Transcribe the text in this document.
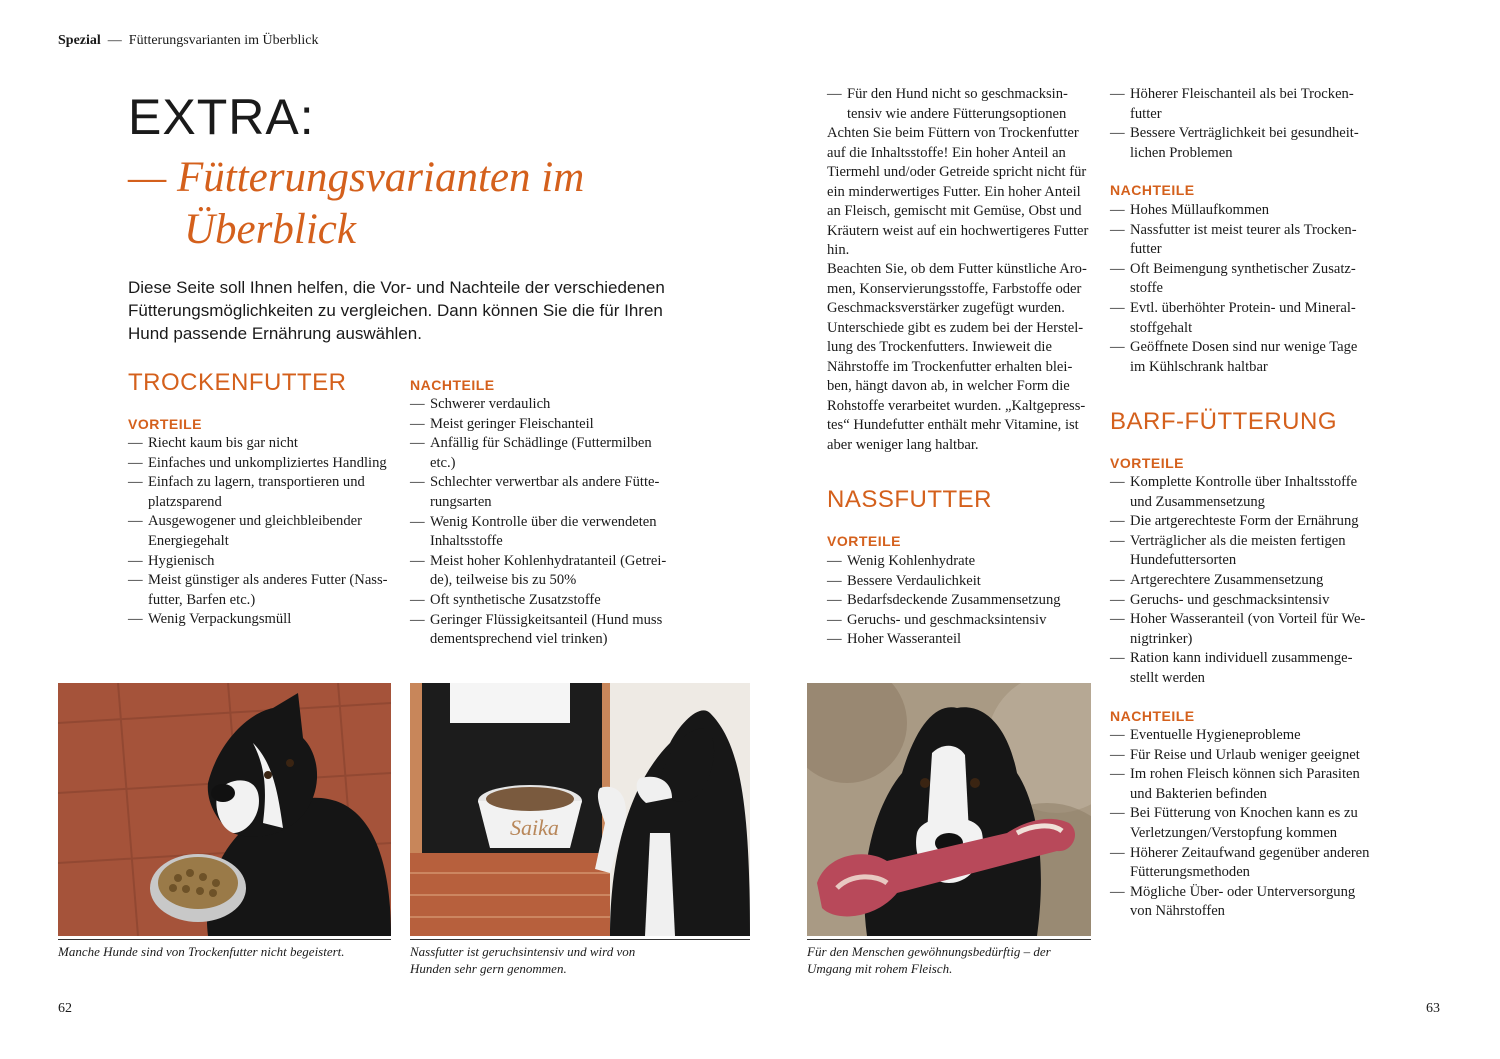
Spezial — Fütterungsvarianten im Überblick
EXTRA:
— Fütterungsvarianten im
Überblick
Diese Seite soll Ihnen helfen, die Vor- und Nachteile der verschiedenen Fütterungsmöglichkeiten zu vergleichen. Dann können Sie die für Ihren Hund passende Ernährung auswählen.
TROCKENFUTTER
VORTEILE
— Riecht kaum bis gar nicht
— Einfaches und unkompliziertes Handling
— Einfach zu lagern, transportieren und platzsparend
— Ausgewogener und gleichbleibender Energiegehalt
— Hygienisch
— Meist günstiger als anderes Futter (Nassfutter, Barfen etc.)
— Wenig Verpackungsmüll
NACHTEILE
— Schwerer verdaulich
— Meist geringer Fleischanteil
— Anfällig für Schädlinge (Futtermilben etc.)
— Schlechter verwertbar als andere Fütterungsarten
— Wenig Kontrolle über die verwendeten Inhaltsstoffe
— Meist hoher Kohlenhydratanteil (Getreide), teilweise bis zu 50%
— Oft synthetische Zusatzstoffe
— Geringer Flüssigkeitsanteil (Hund muss dementsprechend viel trinken)
— Für den Hund nicht so geschmacksintensiv wie andere Fütterungsoptionen
Achten Sie beim Füttern von Trockenfutter auf die Inhaltsstoffe! Ein hoher Anteil an Tiermehl und/oder Getreide spricht nicht für ein minderwertiges Futter. Ein hoher Anteil an Fleisch, gemischt mit Gemüse, Obst und Kräutern weist auf ein hochwertigeres Futter hin.
Beachten Sie, ob dem Futter künstliche Aromen, Konservierungsstoffe, Farbstoffe oder Geschmacksverstärker zugefügt wurden. Unterschiede gibt es zudem bei der Herstellung des Trockenfutters. Inwieweit die Nährstoffe im Trockenfutter erhalten bleiben, hängt davon ab, in welcher Form die Rohstoffe verarbeitet wurden. „Kaltgepresstes“ Hundefutter enthält mehr Vitamine, ist aber weniger lang haltbar.
NASSFUTTER
VORTEILE
— Wenig Kohlenhydrate
— Bessere Verdaulichkeit
— Bedarfsdeckende Zusammensetzung
— Geruchs- und geschmacksintensiv
— Hoher Wasseranteil
— Höherer Fleischanteil als bei Trockenfutter
— Bessere Verträglichkeit bei gesundheitlichen Problemen
NACHTEILE
— Hohes Müllaufkommen
— Nassfutter ist meist teurer als Trockenfutter
— Oft Beimengung synthetischer Zusatzstoffe
— Evtl. überhöhter Protein- und Mineralstoffgehalt
— Geöffnete Dosen sind nur wenige Tage im Kühlschrank haltbar
BARF-FÜTTERUNG
VORTEILE
— Komplette Kontrolle über Inhaltsstoffe und Zusammensetzung
— Die artgerechteste Form der Ernährung
— Verträglicher als die meisten fertigen Hundefuttersorten
— Artgerechtere Zusammensetzung
— Geruchs- und geschmacksintensiv
— Hoher Wasseranteil (von Vorteil für Wenigtrinker)
— Ration kann individuell zusammengestellt werden
NACHTEILE
— Eventuelle Hygieneprobleme
— Für Reise und Urlaub weniger geeignet
— Im rohen Fleisch können sich Parasiten und Bakterien befinden
— Bei Fütterung von Knochen kann es zu Verletzungen/Verstopfung kommen
— Höherer Zeitaufwand gegenüber anderen Fütterungsmethoden
— Mögliche Über- oder Unterversorgung von Nährstoffen
Manche Hunde sind von Trockenfutter nicht begeistert.
Saika
Nassfutter ist geruchsintensiv und wird von Hunden sehr gern genommen.
Für den Menschen gewöhnungsbedürftig – der Umgang mit rohem Fleisch.
62	63
